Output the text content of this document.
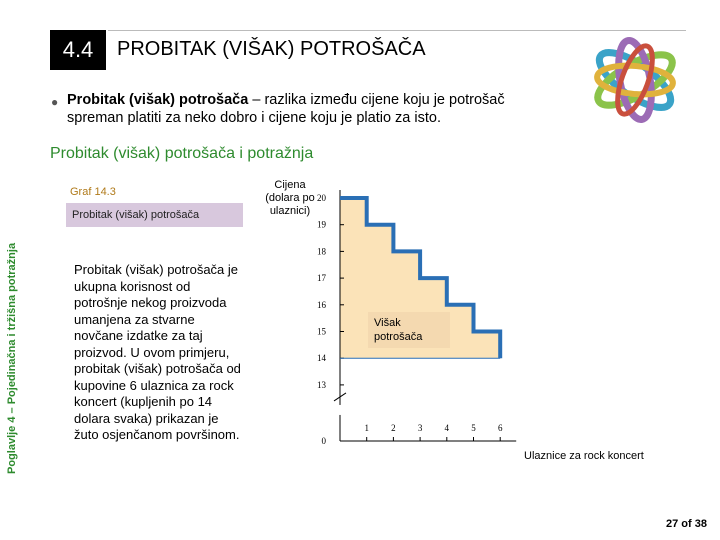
4.4	PROBITAK (VIŠAK) POTROŠAČA
● Probitak (višak) potrošača – razlika između cijene koju je potrošač spreman platiti za neko dobro i cijene koju je platio za isto.
Probitak (višak) potrošača i potražnja
Poglavlje 4 – Pojedinačna i tržišna potražnja
Graf 14.3
Probitak (višak) potrošača
Probitak (višak) potrošača je ukupna korisnost od potrošnje nekog proizvoda umanjena za stvarne novčane izdatke za taj proizvod. U ovom primjeru, probitak (višak) potrošača od kupovine 6 ulaznica za rock koncert (kupljenih po 14 dolara svaka) prikazan je žuto osjenčanom površinom.
Cijena (dolara po ulaznici)
0
13
14
15
16
17
18
19
20
1 2 3 4 5 6
Višak potrošača
Ulaznice za rock koncert
27 of 38
